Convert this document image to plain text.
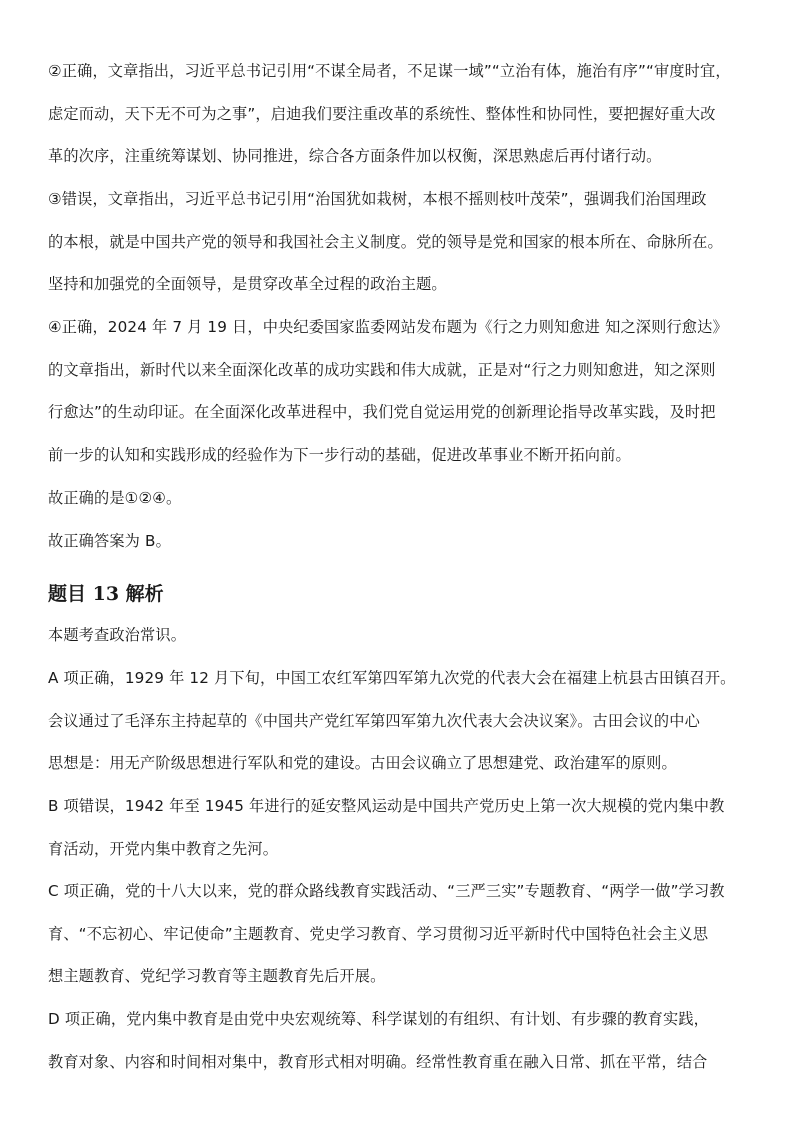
②正确，文章指出，习近平总书记引用“不谋全局者，不足谋一域”“立治有体，施治有序”“审度时宜，
虑定而动，天下无不可为之事”，启迪我们要注重改革的系统性、整体性和协同性，要把握好重大改
革的次序，注重统筹谋划、协同推进，综合各方面条件加以权衡，深思熟虑后再付诸行动。
③错误，文章指出，习近平总书记引用“治国犹如栽树，本根不摇则枝叶茂荣”，强调我们治国理政
的本根，就是中国共产党的领导和我国社会主义制度。党的领导是党和国家的根本所在、命脉所在。
坚持和加强党的全面领导，是贯穿改革全过程的政治主题。
④正确，2024 年 7 月 19 日，中央纪委国家监委网站发布题为《行之力则知愈进 知之深则行愈达》
的文章指出，新时代以来全面深化改革的成功实践和伟大成就，正是对“行之力则知愈进，知之深则
行愈达”的生动印证。在全面深化改革进程中，我们党自觉运用党的创新理论指导改革实践，及时把
前一步的认知和实践形成的经验作为下一步行动的基础，促进改革事业不断开拓向前。
故正确的是①②④。
故正确答案为 B。
题目 13 解析
本题考查政治常识。
A 项正确，1929 年 12 月下旬，中国工农红军第四军第九次党的代表大会在福建上杭县古田镇召开。
会议通过了毛泽东主持起草的《中国共产党红军第四军第九次代表大会决议案》。古田会议的中心
思想是：用无产阶级思想进行军队和党的建设。古田会议确立了思想建党、政治建军的原则。
B 项错误，1942 年至 1945 年进行的延安整风运动是中国共产党历史上第一次大规模的党内集中教
育活动，开党内集中教育之先河。
C 项正确，党的十八大以来，党的群众路线教育实践活动、“三严三实”专题教育、“两学一做”学习教
育、“不忘初心、牢记使命”主题教育、党史学习教育、学习贯彻习近平新时代中国特色社会主义思
想主题教育、党纪学习教育等主题教育先后开展。
D 项正确，党内集中教育是由党中央宏观统筹、科学谋划的有组织、有计划、有步骤的教育实践，
教育对象、内容和时间相对集中，教育形式相对明确。经常性教育重在融入日常、抓在平常，结合
